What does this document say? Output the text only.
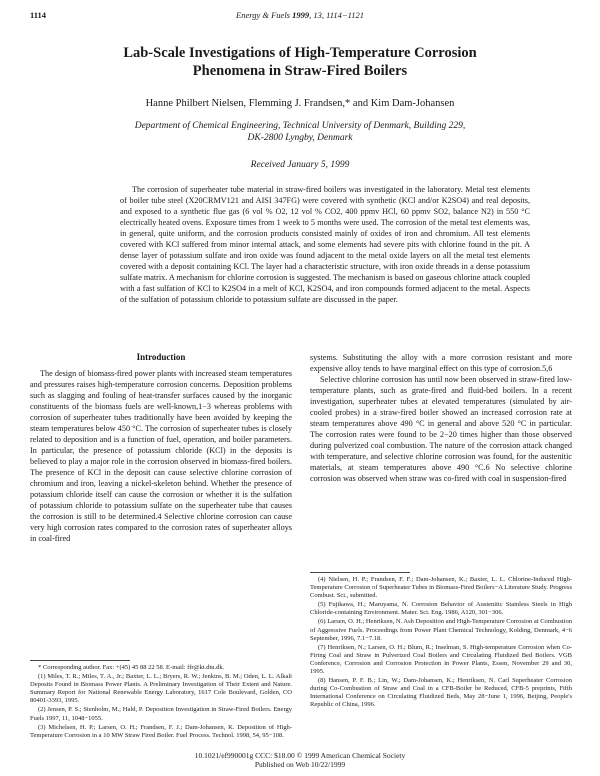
1114	Energy & Fuels 1999, 13, 1114−1121
Lab-Scale Investigations of High-Temperature Corrosion
Phenomena in Straw-Fired Boilers
Hanne Philbert Nielsen, Flemming J. Frandsen,* and Kim Dam-Johansen
Department of Chemical Engineering, Technical University of Denmark, Building 229,
DK-2800 Lyngby, Denmark
Received January 5, 1999

The corrosion of superheater tube material in straw-fired boilers was investigated in the laboratory. Metal test elements of boiler tube steel (X20CRMV121 and AISI 347FG) were covered with synthetic (KCl and/or K2SO4) and real deposits, and exposed to a synthetic flue gas (6 vol % O2, 12 vol % CO2, 400 ppmv HCl, 60 ppmv SO2, balance N2) in 550 °C electrically heated ovens. Exposure times from 1 week to 5 months were used. The corrosion of the metal test elements was, in general, quite uniform, and the corrosion products consisted mainly of oxides of iron and chromium. All test elements covered with KCl suffered from minor internal attack, and some elements had severe pits with chlorine found in the pit. A dense layer of potassium sulfate and iron oxide was found adjacent to the metal oxide layers on all the metal test elements covered with a deposit containing KCl. The layer had a characteristic structure, with iron oxide threads in a dense potassium sulfate matrix. A mechanism for chlorine corrosion is suggested. The mechanism is based on gaseous chlorine attack coupled with a fast sulfation of KCl to K2SO4 in a melt of KCl, K2SO4, and iron compounds formed adjacent to the metal. Aspects of the sulfation of potassium chloride to potassium sulfate are discussed in the paper.

Introduction

The design of biomass-fired power plants with increased steam temperatures and pressures raises high-temperature corrosion concerns. Deposition problems such as slagging and fouling of heat-transfer surfaces caused by the inorganic constituents of the biomass fuels are well-known,1−3 whereas problems with corrosion of superheater tubes traditionally have been avoided by keeping the steam temperatures below 450 °C. The corrosion of superheater tubes is closely related to deposition and is a function of fuel, operation, and boiler parameters. In particular, the presence of potassium chloride (KCl) in the deposits is believed to play a major role in the corrosion observed in biomass-fired boilers. The presence of KCl in the deposit can cause selective chlorine corrosion of chromium and iron, leaving a nickel-skeleton behind. Whether the presence of potassium chloride itself can cause the corrosion or whether it is the sulfation of potassium chloride to potassium sulfate on the superheater tube that causes the corrosion is still to be determined.4 Selective chlorine corrosion can cause very high corrosion rates compared to the corrosion rates of superheater alloys in coal-fired

systems. Substituting the alloy with a more corrosion resistant and more expensive alloy tends to have marginal effect on this type of corrosion.5,6

Selective chlorine corrosion has until now been observed in straw-fired low-temperature plants, such as grate-fired and fluid-bed boilers. In a recent investigation, superheater tubes at elevated temperatures (simulated by air-cooled probes) in a straw-fired boiler showed an increased corrosion rate at steam temperatures above 490 °C in general and above 520 °C in particular. The corrosion rates were found to be 2−20 times higher than those observed during pulverized coal combustion. The nature of the corrosion attack changed with temperature, and selective chlorine corrosion was found, for the austenitic materials, at steam temperatures above 490 °C.6 No selective chlorine corrosion was observed when straw was co-fired with coal in suspension-fired

* Corresponding author. Fax: +(45) 45 88 22 58. E-mail: ffr@kt.dtu.dk.
(1) Miles, T. R.; Miles, T. A., Jr.; Baxter, L. L.; Bryers, R. W.; Jenkins, B. M.; Oden, L. L. Alkali Deposits Found in Biomass Power Plants. A Preliminary Investigation of Their Extent and Nature. Summary Report for National Renewable Energy Laboratory, 1617 Cole Boulevard, Golden, CO 80401-3393, 1995.
(2) Jensen, P. S.; Stenholm, M.; Hald, P. Deposition Investigation in Straw-Fired Boilers. Energy Fuels 1997, 11, 1048−1055.
(3) Michelsen, H. P.; Larsen, O. H.; Frandsen, F. J.; Dam-Johansen, K. Deposition of High-Temperature Corrosion in a 10 MW Straw Fired Boiler. Fuel Process. Technol. 1998, 54, 95−108.
(4) Nielsen, H. P.; Frandsen, F. F.; Dam-Johansen, K.; Baxter, L. L. Chlorine-Induced High-Temperature Corrosion of Superheater Tubes in Biomass-Fired Boilers−A Literature Study. Progress Combust. Sci., submitted.
(5) Fujikawa, H.; Maruyama, N. Corrosion Behavior of Austenitic Stainless Steels in High Chloride-containing Environment. Mater. Sci. Eng. 1986, A120, 301−306.
(6) Larsen, O. H.; Henriksen, N. Ash Deposition and High-Temperature Corrosion at Combustion of Aggressive Fuels. Proceedings from Power Plant Chemical Technology, Kolding, Denmark, 4−6 September, 1996, 7.1−7.18.
(7) Henriksen, N.; Larsen, O. H.; Blum, R.; Inselman, S. High-temperature Corrosion when Co-Firing Coal and Straw in Pulverized Coal Boilers and Circulating Fluidized Bed Boilers. VGB Conference, Corrosion and Corrosion Protection in Power Plants, Essen, November 29 and 30, 1995.
(8) Hansen, P. F. B.; Lin, W.; Dam-Johansen, K.; Henriksen, N. Carl Superheater Corrosion during Co-Combustion of Straw and Coal in a CFB-Boiler be Reduced, CFB-5 preprints, Fifth International Conference on Circulating Fluidized Beds, May 28−June 1, 1996, Beijing, People's Republic of China, 1996.
10.1021/ef990001g CCC: $18.00 © 1999 American Chemical Society
Published on Web 10/22/1999
